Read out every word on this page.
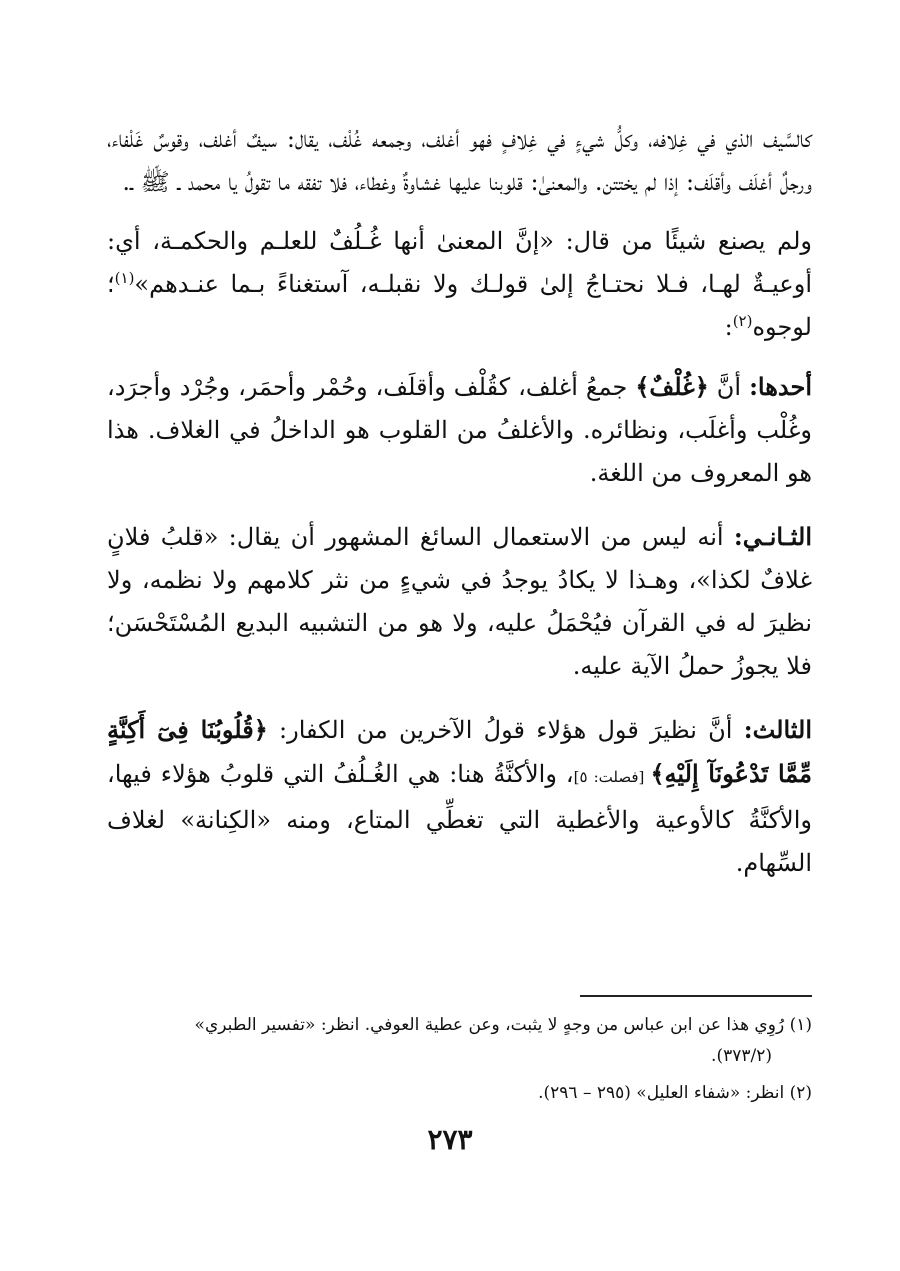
كالسَّيف الذي في غِلافه، وكلُّ شيءٍ في غِلافٍ فهو أغلف، وجمعه غُلْف، يقال: سيفٌ أغلف، وقوسٌ غَلْفاء، ورجلٌ أغلَف وأقلَف: إذا لم يختتن. والمعنىٰ: قلوبنا عليها غشاوةٌ وغطاء، فلا تفقه ما تقولُ يا محمد ـ ﷺ ـ.

ولم يصنع شيئًا من قال: «إنَّ المعنىٰ أنها غُـلُفٌ للعلـم والحكمـة، أي: أوعيـةٌ لهـا، فـلا نحتـاجُ إلىٰ قولـك ولا نقبلـه، آستغناءً بـما عنـدهم»$^{(١)}$؛ لوجوه$^{(٢)}$:

أحدها: أنَّ ﴿غُلْفٌ﴾ جمعُ أغلف، كقُلْف وأقلَف، وحُمْر وأحمَر، وجُرْد وأجرَد، وغُلْب وأغلَب، ونظائره. والأغلفُ من القلوب هو الداخلُ في الغلاف. هذا هو المعروف من اللغة.

الثـانـي: أنه ليس من الاستعمال السائغ المشهور أن يقال: «قلبُ فلانٍ غلافٌ لكذا»، وهـذا لا يكادُ يوجدُ في شيءٍ من نثر كلامهم ولا نظمه، ولا نظيرَ له في القرآن فيُحْمَلُ عليه، ولا هو من التشبيه البديع المُسْتَحْسَن؛ فلا يجوزُ حملُ الآية عليه.

الثالث: أنَّ نظيرَ قول هؤلاء قولُ الآخرين من الكفار: ﴿قُلُوبُنَا فِىٓ أَكِنَّةٍ مِّمَّا تَدْعُونَآ إِلَيْهِ﴾ [فصلت: ٥]، والأكنَّةُ هنا: هي الغُـلُفُ التي قلوبُ هؤلاء فيها، والأكنَّةُ كالأوعية والأغطية التي تغطِّي المتاع، ومنه «الكِنانة» لغلاف السِّهام.

(١) رُوِي هذا عن ابن عباس من وجهٍ لا يثبت، وعن عطية العوفي. انظر: «تفسير الطبري»
(٣٧٣/٢).
(٢) انظر: «شفاء العليل» (٢٩٥ – ٢٩٦).
٢٧٣
